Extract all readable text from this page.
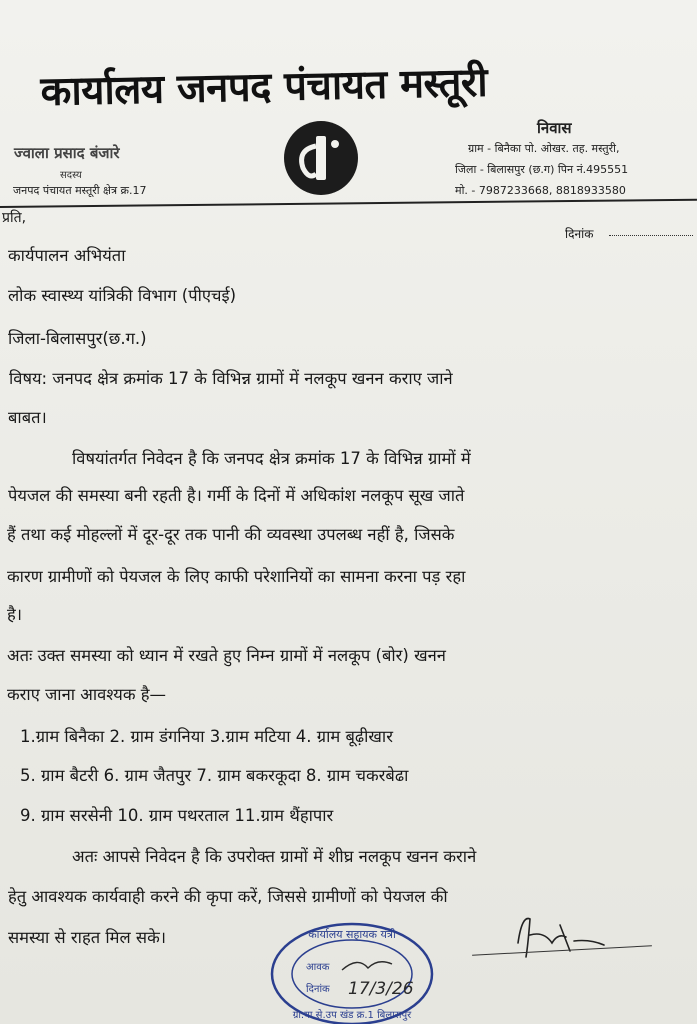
कार्यालय जनपद पंचायत मस्तूरी
ज्वाला प्रसाद बंजारे
सदस्य
जनपद पंचायत मस्तूरी क्षेत्र क्र.17
निवास
ग्राम - बिनैका पो. ओखर. तह. मस्तुरी,
जिला - बिलासपुर (छ.ग) पिन नं.495551
मो. - 7987233668, 8818933580
प्रति,
दिनांक
कार्यपालन अभियंता
लोक स्वास्थ्य यांत्रिकी विभाग (पीएचई)
जिला-बिलासपुर(छ.ग.)
विषय: जनपद क्षेत्र क्रमांक 17 के विभिन्न ग्रामों में नलकूप खनन कराए जाने
बाबत।
विषयांतर्गत निवेदन है कि जनपद क्षेत्र क्रमांक 17 के विभिन्न ग्रामों में
पेयजल की समस्या बनी रहती है। गर्मी के दिनों में अधिकांश नलकूप सूख जाते
हैं तथा कई मोहल्लों में दूर-दूर तक पानी की व्यवस्था उपलब्ध नहीं है, जिसके
कारण ग्रामीणों को पेयजल के लिए काफी परेशानियों का सामना करना पड़ रहा
है।
अतः उक्त समस्या को ध्यान में रखते हुए निम्न ग्रामों में नलकूप (बोर) खनन
कराए जाना आवश्यक है—
1.ग्राम बिनैका 2. ग्राम डंगनिया 3.ग्राम मटिया 4. ग्राम बूढ़ीखार
5. ग्राम बैटरी 6. ग्राम जैतपुर 7. ग्राम बकरकूदा 8. ग्राम चकरबेढा
9. ग्राम सरसेनी 10. ग्राम पथरताल 11.ग्राम थैंहापार
अतः आपसे निवेदन है कि उपरोक्त ग्रामों में शीघ्र नलकूप खनन कराने
हेतु आवश्यक कार्यवाही करने की कृपा करें, जिससे ग्रामीणों को पेयजल की
समस्या से राहत मिल सके।	कार्यालय सहायक यंत्री
आवक
दिनांक 17/3/26
ग्रा.या.से.उप खंड क्र.1 बिलासपुर
